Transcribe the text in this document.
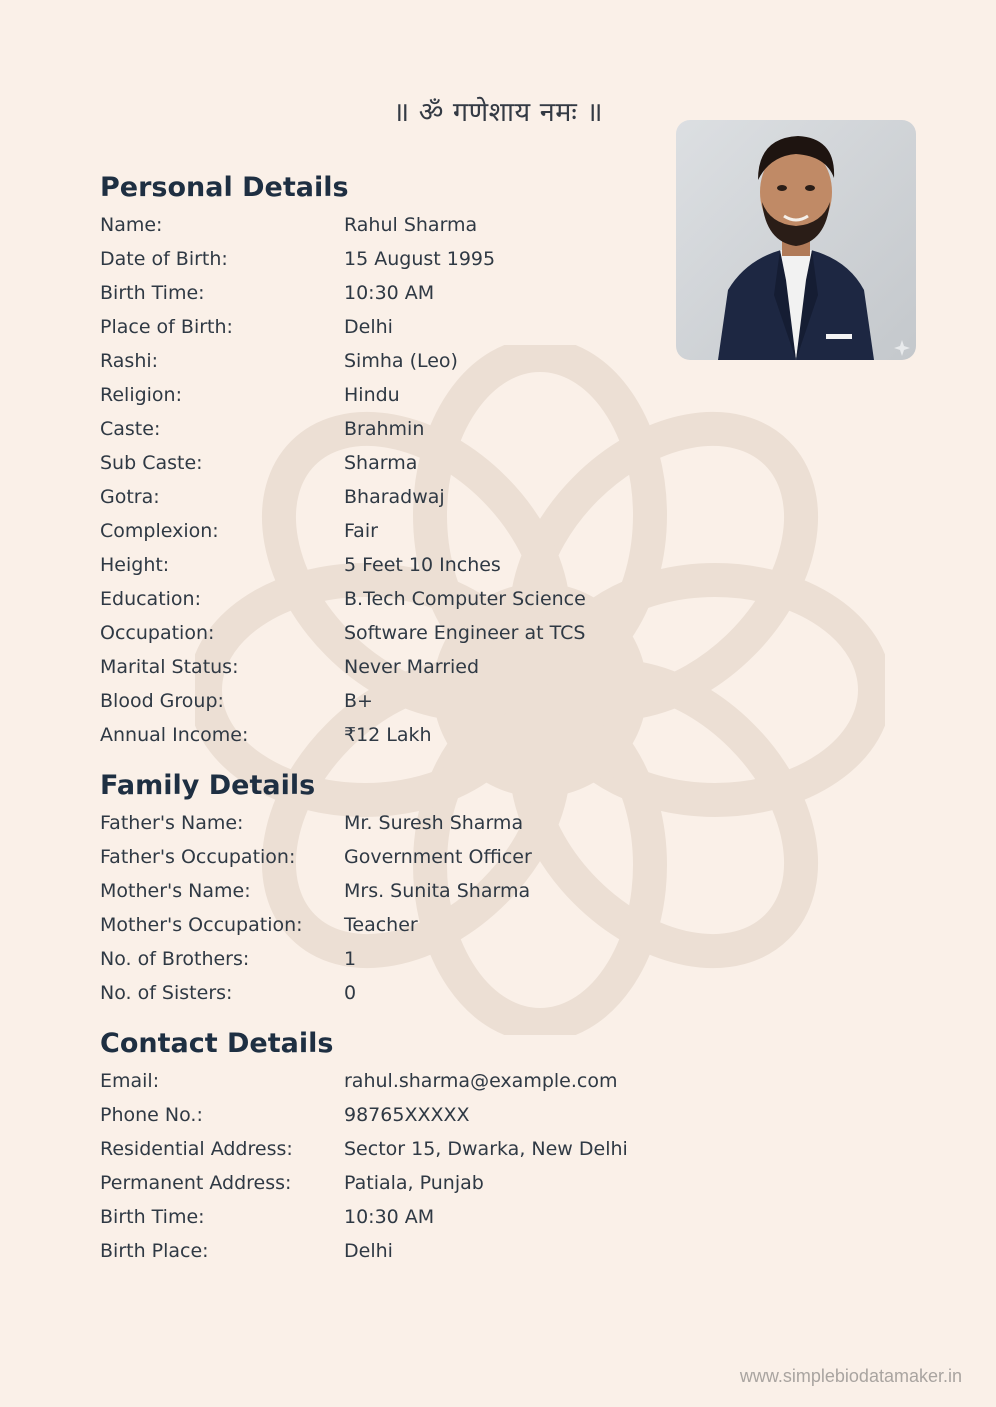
॥ ॐ गणेशाय नमः ॥
Personal Details
Name:	Rahul Sharma
Date of Birth:	15 August 1995
Birth Time:	10:30 AM
Place of Birth:	Delhi
Rashi:	Simha (Leo)
Religion:	Hindu
Caste:	Brahmin
Sub Caste:	Sharma
Gotra:	Bharadwaj
Complexion:	Fair
Height:	5 Feet 10 Inches
Education:	B.Tech Computer Science
Occupation:	Software Engineer at TCS
Marital Status:	Never Married
Blood Group:	B+
Annual Income:	₹12 Lakh
Family Details
Father's Name:	Mr. Suresh Sharma
Father's Occupation:	Government Officer
Mother's Name:	Mrs. Sunita Sharma
Mother's Occupation:	Teacher
No. of Brothers:	1
No. of Sisters:	0
Contact Details
Email:	rahul.sharma@example.com
Phone No.:	98765XXXXX
Residential Address:	Sector 15, Dwarka, New Delhi
Permanent Address:	Patiala, Punjab
Birth Time:	10:30 AM
Birth Place:	Delhi
www.simplebiodatamaker.in
